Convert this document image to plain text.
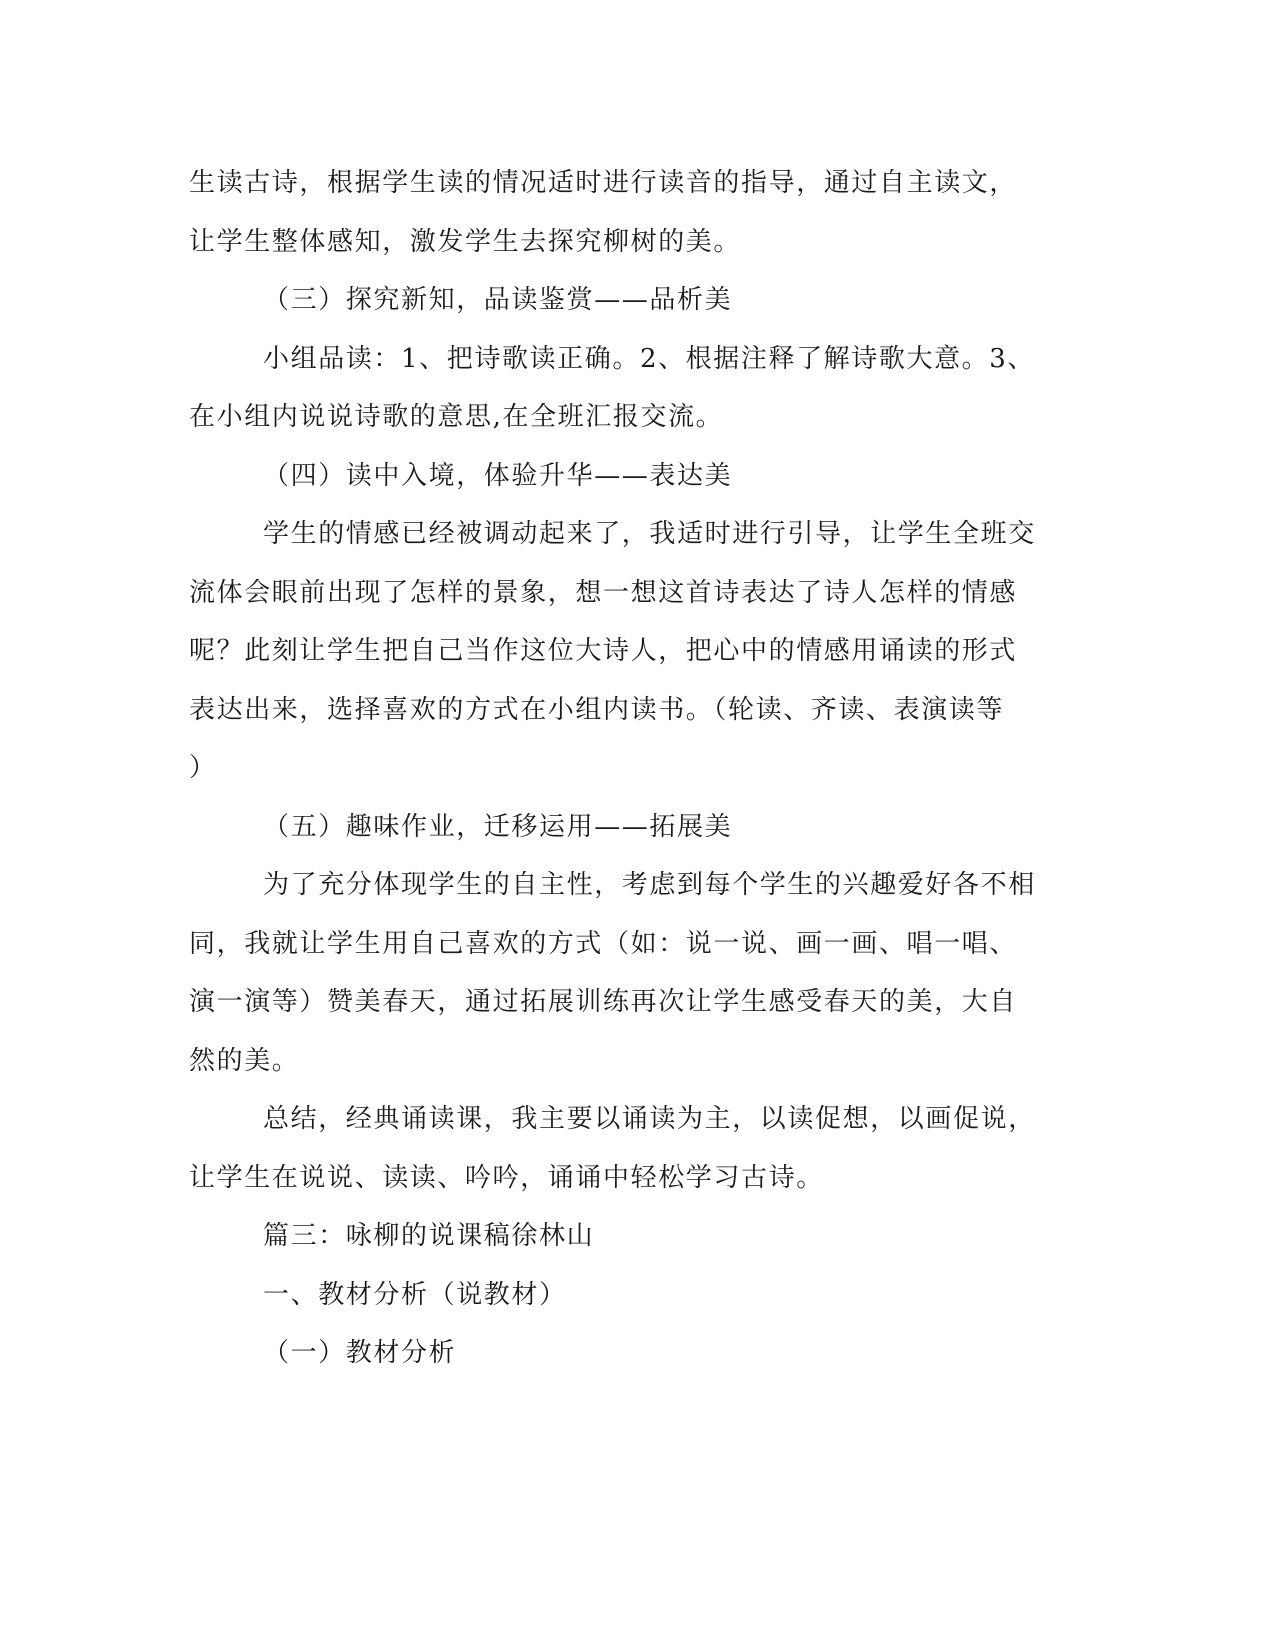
生读古诗，根据学生读的情况适时进行读音的指导，通过自主读文，
让学生整体感知，激发学生去探究柳树的美。
（三）探究新知，品读鉴赏——品析美
小组品读：1、把诗歌读正确。2、根据注释了解诗歌大意。3、
在小组内说说诗歌的意思,在全班汇报交流。
（四）读中入境，体验升华——表达美
学生的情感已经被调动起来了，我适时进行引导，让学生全班交
流体会眼前出现了怎样的景象，想一想这首诗表达了诗人怎样的情感
呢？此刻让学生把自己当作这位大诗人，把心中的情感用诵读的形式
表达出来，选择喜欢的方式在小组内读书。（轮读、齐读、表演读等
）
（五）趣味作业，迁移运用——拓展美
为了充分体现学生的自主性，考虑到每个学生的兴趣爱好各不相
同，我就让学生用自己喜欢的方式（如：说一说、画一画、唱一唱、
演一演等）赞美春天，通过拓展训练再次让学生感受春天的美，大自
然的美。
总结，经典诵读课，我主要以诵读为主，以读促想，以画促说，
让学生在说说、读读、吟吟，诵诵中轻松学习古诗。
篇三：咏柳的说课稿徐林山
一、教材分析（说教材）
（一）教材分析
